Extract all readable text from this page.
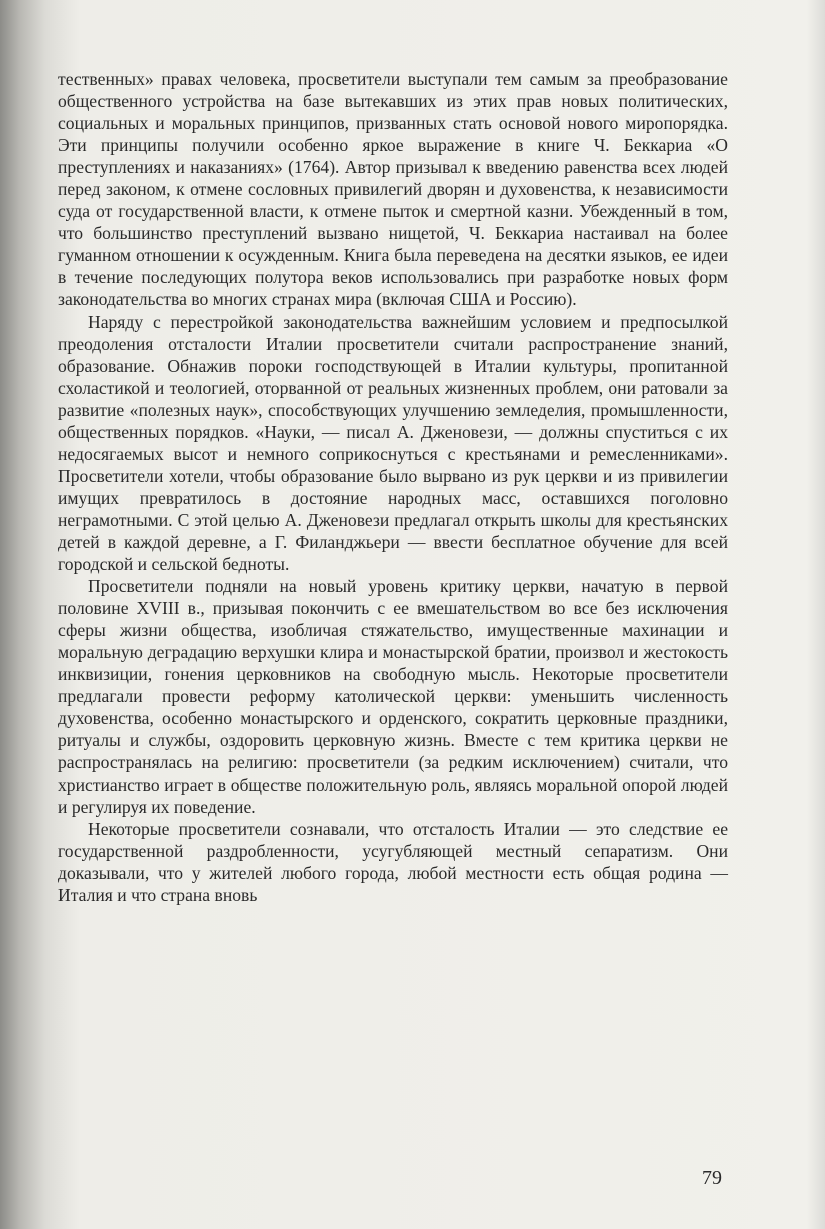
тественных» правах человека, просветители выступали тем самым за преобразование общественного устройства на базе вытекавших из этих прав новых политических, социальных и моральных принципов, призванных стать основой нового миропорядка. Эти принципы получили особенно яркое выражение в книге Ч. Беккариа «О преступлениях и наказаниях» (1764). Автор призывал к введению равенства всех людей перед законом, к отмене сословных привилегий дворян и духовенства, к независимости суда от государственной власти, к отмене пыток и смертной казни. Убежденный в том, что большинство преступлений вызвано нищетой, Ч. Беккариа настаивал на более гуманном отношении к осужденным. Книга была переведена на десятки языков, ее идеи в течение последующих полутора веков использовались при разработке новых форм законодательства во многих странах мира (включая США и Россию).

Наряду с перестройкой законодательства важнейшим условием и предпосылкой преодоления отсталости Италии просветители считали распространение знаний, образование. Обнажив пороки господствующей в Италии культуры, пропитанной схоластикой и теологией, оторванной от реальных жизненных проблем, они ратовали за развитие «полезных наук», способствующих улучшению земледелия, промышленности, общественных порядков. «Науки, — писал А. Дженовези, — должны спуститься с их недосягаемых высот и немного соприкоснуться с крестьянами и ремесленниками». Просветители хотели, чтобы образование было вырвано из рук церкви и из привилегии имущих превратилось в достояние народных масс, оставшихся поголовно неграмотными. С этой целью А. Дженовези предлагал открыть школы для крестьянских детей в каждой деревне, а Г. Филанджьери — ввести бесплатное обучение для всей городской и сельской бедноты.

Просветители подняли на новый уровень критику церкви, начатую в первой половине XVIII в., призывая покончить с ее вмешательством во все без исключения сферы жизни общества, изобличая стяжательство, имущественные махинации и моральную деградацию верхушки клира и монастырской братии, произвол и жестокость инквизиции, гонения церковников на свободную мысль. Некоторые просветители предлагали провести реформу католической церкви: уменьшить численность духовенства, особенно монастырского и орденского, сократить церковные праздники, ритуалы и службы, оздоровить церковную жизнь. Вместе с тем критика церкви не распространялась на религию: просветители (за редким исключением) считали, что христианство играет в обществе положительную роль, являясь моральной опорой людей и регулируя их поведение.

Некоторые просветители сознавали, что отсталость Италии — это следствие ее государственной раздробленности, усугубляющей местный сепаратизм. Они доказывали, что у жителей любого города, любой местности есть общая родина — Италия и что страна вновь

79
